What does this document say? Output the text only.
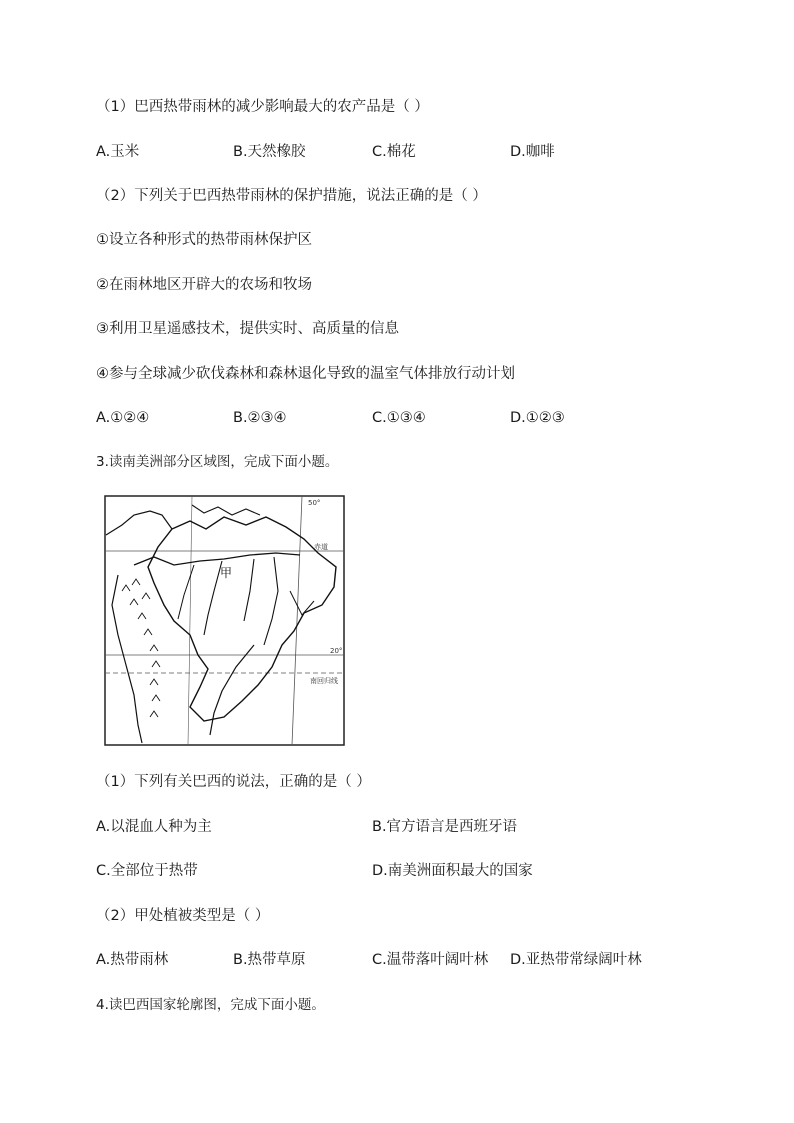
（1）巴西热带雨林的减少影响最大的农产品是（ ）
A.玉米	B.天然橡胶	C.棉花	D.咖啡
（2）下列关于巴西热带雨林的保护措施，说法正确的是（ ）
①设立各种形式的热带雨林保护区
②在雨林地区开辟大的农场和牧场
③利用卫星遥感技术，提供实时、高质量的信息
④参与全球减少砍伐森林和森林退化导致的温室气体排放行动计划
A.①②④	B.②③④	C.①③④	D.①②③
3.读南美洲部分区域图，完成下面小题。
赤道
南回归线
50°
20°
甲
（1）下列有关巴西的说法，正确的是（ ）
A.以混血人种为主	B.官方语言是西班牙语
C.全部位于热带	D.南美洲面积最大的国家
（2）甲处植被类型是（ ）
A.热带雨林	B.热带草原	C.温带落叶阔叶林 D.亚热带常绿阔叶林
4.读巴西国家轮廓图，完成下面小题。
